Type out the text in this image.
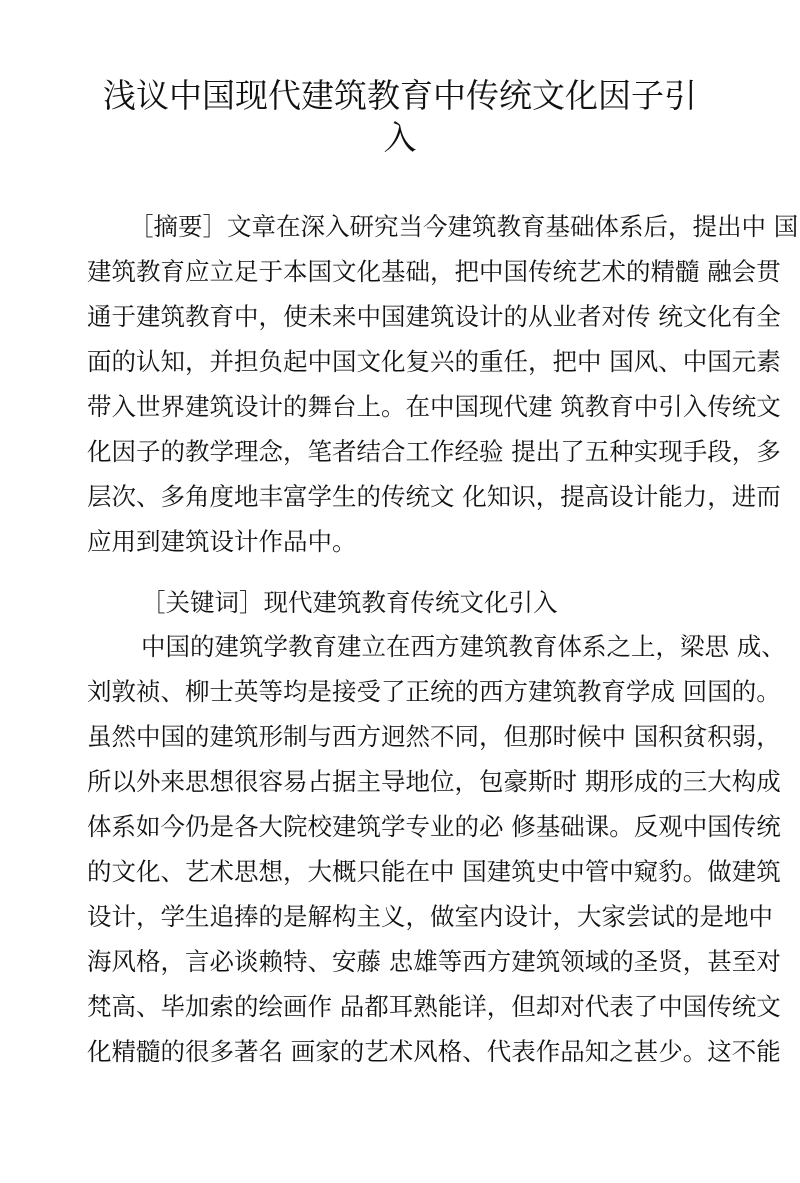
浅议中国现代建筑教育中传统文化因子引
入

［摘要］文章在深入研究当今建筑教育基础体系后，提出中 国

建筑教育应立足于本国文化基础，把中国传统艺术的精髓 融会贯

通于建筑教育中，使未来中国建筑设计的从业者对传 统文化有全

面的认知，并担负起中国文化复兴的重任，把中 国风、中国元素

带入世界建筑设计的舞台上。在中国现代建 筑教育中引入传统文

化因子的教学理念，笔者结合工作经验 提出了五种实现手段，多

层次、多角度地丰富学生的传统文 化知识，提高设计能力，进而

应用到建筑设计作品中。

［关键词］现代建筑教育传统文化引入

中国的建筑学教育建立在西方建筑教育体系之上，梁思 成、

刘敦祯、柳士英等均是接受了正统的西方建筑教育学成 回国的。

虽然中国的建筑形制与西方迥然不同，但那时候中 国积贫积弱，

所以外来思想很容易占据主导地位，包豪斯时 期形成的三大构成

体系如今仍是各大院校建筑学专业的必 修基础课。反观中国传统

的文化、艺术思想，大概只能在中 国建筑史中管中窥豹。做建筑

设计，学生追捧的是解构主义，做室内设计，大家尝试的是地中

海风格，言必谈赖特、安藤 忠雄等西方建筑领域的圣贤，甚至对

梵高、毕加索的绘画作 品都耳熟能详，但却对代表了中国传统文

化精髓的很多著名 画家的艺术风格、代表作品知之甚少。这不能
